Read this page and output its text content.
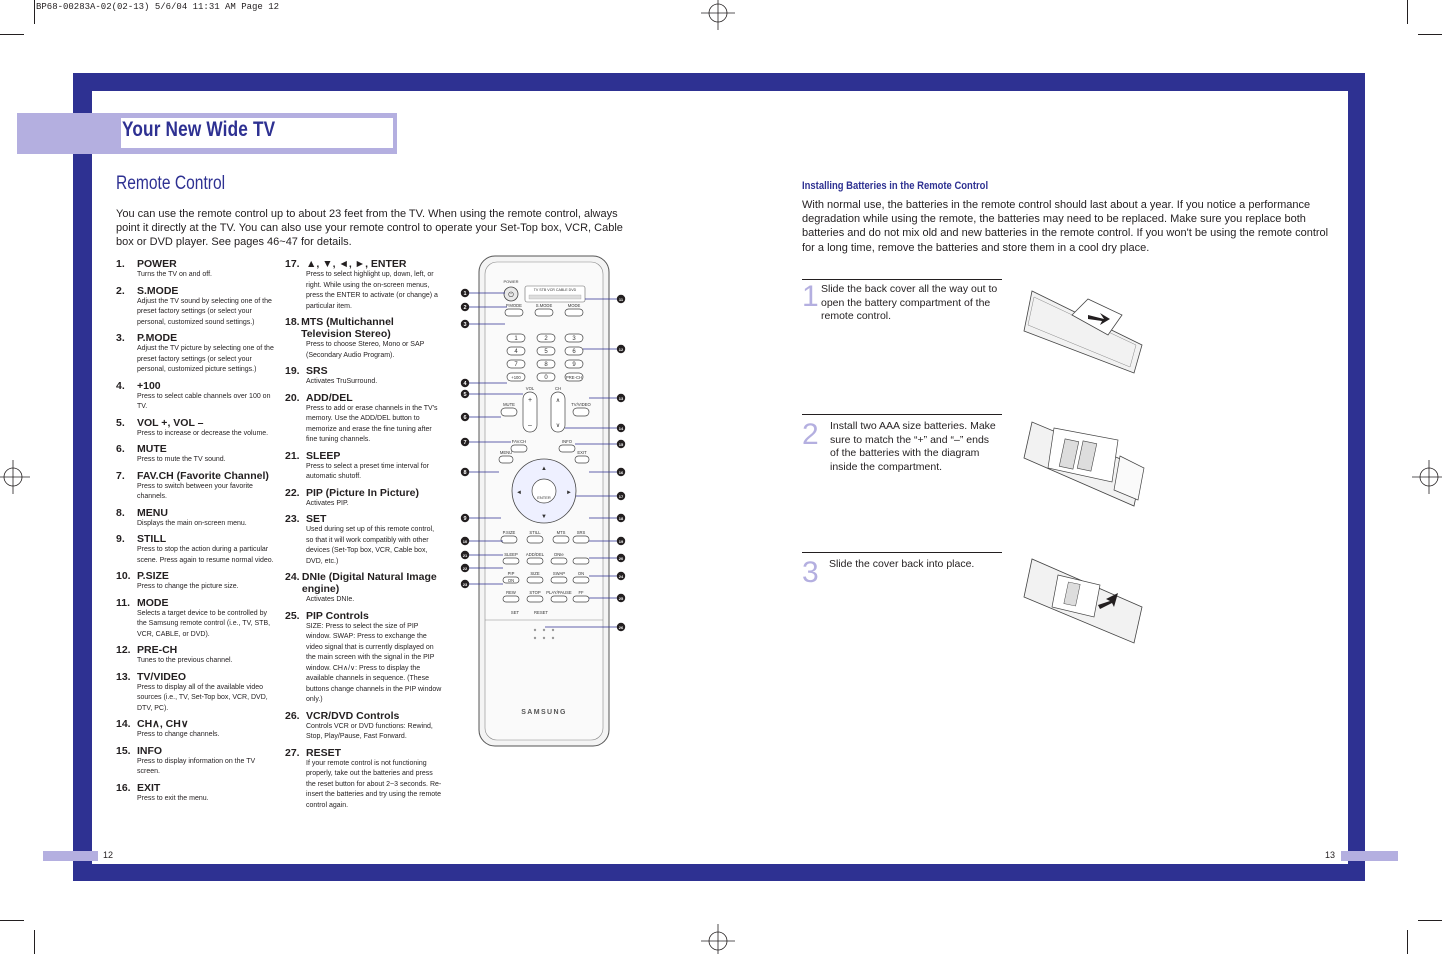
BP68-00283A-02(02-13) 5/6/04 11:31 AM Page 12
Your New Wide TV
Remote Control
You can use the remote control up to about 23 feet from the TV. When using the remote control, always point it directly at the TV. You can also use your remote control to operate your Set-Top box, VCR, Cable box or DVD player. See pages 46~47 for details.
1.	POWER
Turns the TV on and off.
2.	S.MODE
Adjust the TV sound by selecting one of the preset factory settings (or select your personal, customized sound settings.)
3.	P.MODE
Adjust the TV picture by selecting one of the preset factory settings (or select your personal, customized picture settings.)
4.	+100
Press to select cable channels over 100 on TV.
5.	VOL +, VOL –
Press to increase or decrease the volume.
6.	MUTE
Press to mute the TV sound.
7.	FAV.CH (Favorite Channel)
Press to switch between your favorite channels.
8.	MENU
Displays the main on-screen menu.
9.	STILL
Press to stop the action during a particular scene. Press again to resume normal video.
10. P.SIZE
Press to change the picture size.
11. MODE
Selects a target device to be controlled by the Samsung remote control (i.e., TV, STB, VCR, CABLE, or DVD).
12. PRE-CH
Tunes to the previous channel.
13. TV/VIDEO
Press to display all of the available video sources (i.e., TV, Set-Top box, VCR, DVD, DTV, PC).
14. CH∧, CH∨
Press to change channels.
15. INFO
Press to display information on the TV screen.
16. EXIT
Press to exit the menu.
17. ▲, ▼, ◄, ►, ENTER
Press to select highlight up, down, left, or right. While using the on-screen menus, press the ENTER to activate (or change) a particular item.
18. MTS (Multichannel Television Stereo)
Press to choose Stereo, Mono or SAP (Secondary Audio Program).
19. SRS
Activates TruSurround.
20. ADD/DEL
Press to add or erase channels in the TV's memory. Use the ADD/DEL button to memorize and erase the fine tuning after fine tuning channels.
21. SLEEP
Press to select a preset time interval for automatic shutoff.
22. PIP (Picture In Picture)
Activates PIP.
23. SET
Used during set up of this remote control, so that it will work compatibly with other devices (Set-Top box, VCR, Cable box, DVD, etc.)
24. DNIe (Digital Natural Image engine)
Activates DNIe.
25. PIP Controls
SIZE: Press to select the size of PIP window. SWAP: Press to exchange the video signal that is currently displayed on the main screen with the signal in the PIP window. CH∧/∨: Press to display the available channels in sequence. (These buttons change channels in the PIP window only.)
26. VCR/DVD Controls
Controls VCR or DVD functions: Rewind, Stop, Play/Pause, Fast Forward.
27. RESET
If your remote control is not functioning properly, take out the batteries and press the reset button for about 2~3 seconds. Re-insert the batteries and try using the remote control again.
⏻
POWER
TV STB VCR CABLE DVD
P.MODE	S.MODE	MODE
1	2	3
4	5	6
7	8	9
+100	0	PRE-CH
VOL	CH
+
–
∧
∨
MUTE	TV/VIDEO
FAV.CH	INFO
ENTER
▲
▼
◄	►
MENU	EXIT
P.SIZE	STILL	MTS	SRS
SLEEP ADD/DEL DNIe
ON
PIP	SIZE	SWAP	ON
REW	STOP PLAY/PAUSE FF
SET	RESET
SAMSUNG
1
2
3
4
5
6
7
8
9
10
21
22
23
11
12
13
14
15
16
17
18
19
20
24
25
26
Installing Batteries in the Remote Control
With normal use, the batteries in the remote control should last about a year. If you notice a performance degradation while using the remote, the batteries may need to be replaced. Make sure you replace both batteries and do not mix old and new batteries in the remote control. If you won't be using the remote control for a long time, remove the batteries and store them in a cool dry place.
1 Slide the back cover all the way out to open the battery compartment of the remote control.
2 Install two AAA size batteries. Make sure to match the “+” and “–” ends of the batteries with the diagram inside the compartment.
3 Slide the cover back into place.
12	13
